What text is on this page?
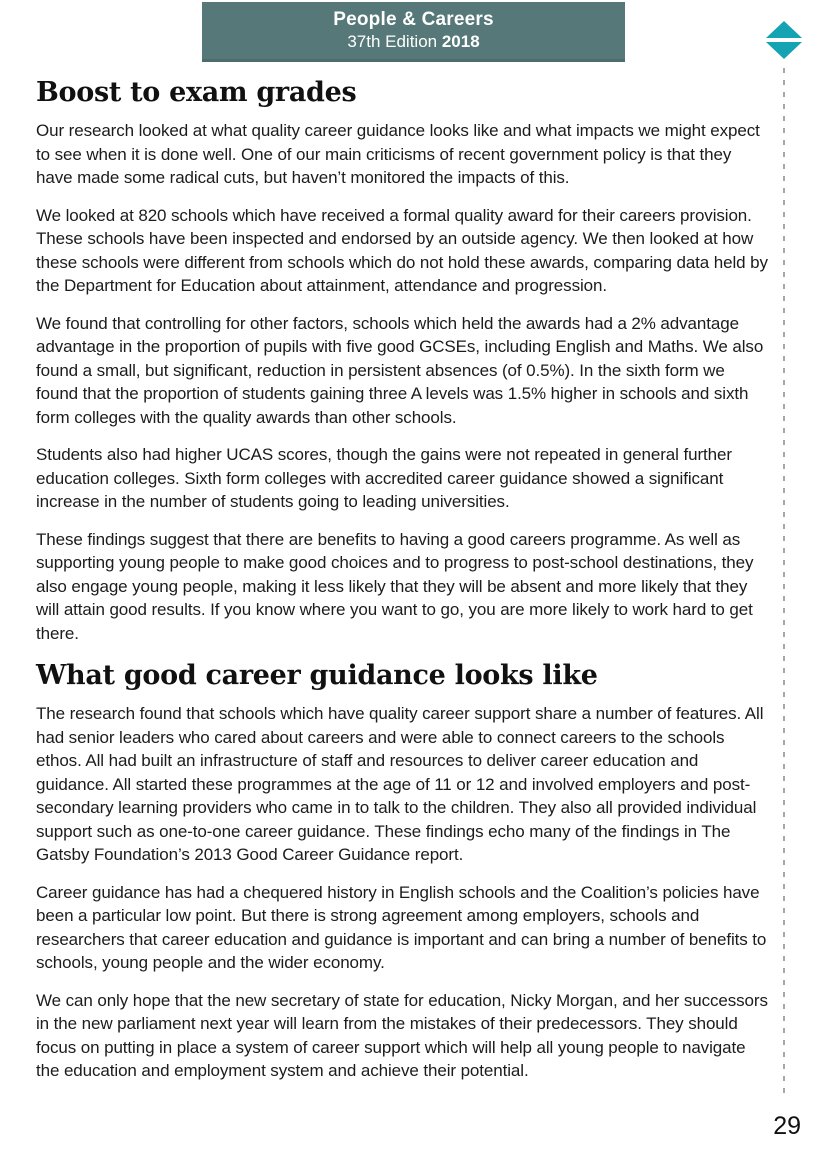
People & Careers
37th Edition 2018
Boost to exam grades

Our research looked at what quality career guidance looks like and what impacts we might expect to see when it is done well. One of our main criticisms of recent government policy is that they have made some radical cuts, but haven’t monitored the impacts of this.

We looked at 820 schools which have received a formal quality award for their careers provision. These schools have been inspected and endorsed by an outside agency. We then looked at how these schools were different from schools which do not hold these awards, comparing data held by the Department for Education about attainment, attendance and progression.

We found that controlling for other factors, schools which held the awards had a 2% advantage advantage in the proportion of pupils with five good GCSEs, including English and Maths. We also found a small, but significant, reduction in persistent absences (of 0.5%). In the sixth form we found that the proportion of students gaining three A levels was 1.5% higher in schools and sixth form colleges with the quality awards than other schools.

Students also had higher UCAS scores, though the gains were not repeated in general further education colleges. Sixth form colleges with accredited career guidance showed a significant increase in the number of students going to leading universities.

These findings suggest that there are benefits to having a good careers programme. As well as supporting young people to make good choices and to progress to post-school destinations, they also engage young people, making it less likely that they will be absent and more likely that they will attain good results. If you know where you want to go, you are more likely to work hard to get there.

What good career guidance looks like

The research found that schools which have quality career support share a number of features. All had senior leaders who cared about careers and were able to connect careers to the schools ethos. All had built an infrastructure of staff and resources to deliver career education and guidance. All started these programmes at the age of 11 or 12 and involved employers and post-secondary learning providers who came in to talk to the children. They also all provided individual support such as one-to-one career guidance. These findings echo many of the findings in The Gatsby Foundation’s 2013 Good Career Guidance report.

Career guidance has had a chequered history in English schools and the Coalition’s policies have been a particular low point. But there is strong agreement among employers, schools and researchers that career education and guidance is important and can bring a number of benefits to schools, young people and the wider economy.

We can only hope that the new secretary of state for education, Nicky Morgan, and her successors in the new parliament next year will learn from the mistakes of their predecessors. They should focus on putting in place a system of career support which will help all young people to navigate the education and employment system and achieve their potential.

29
